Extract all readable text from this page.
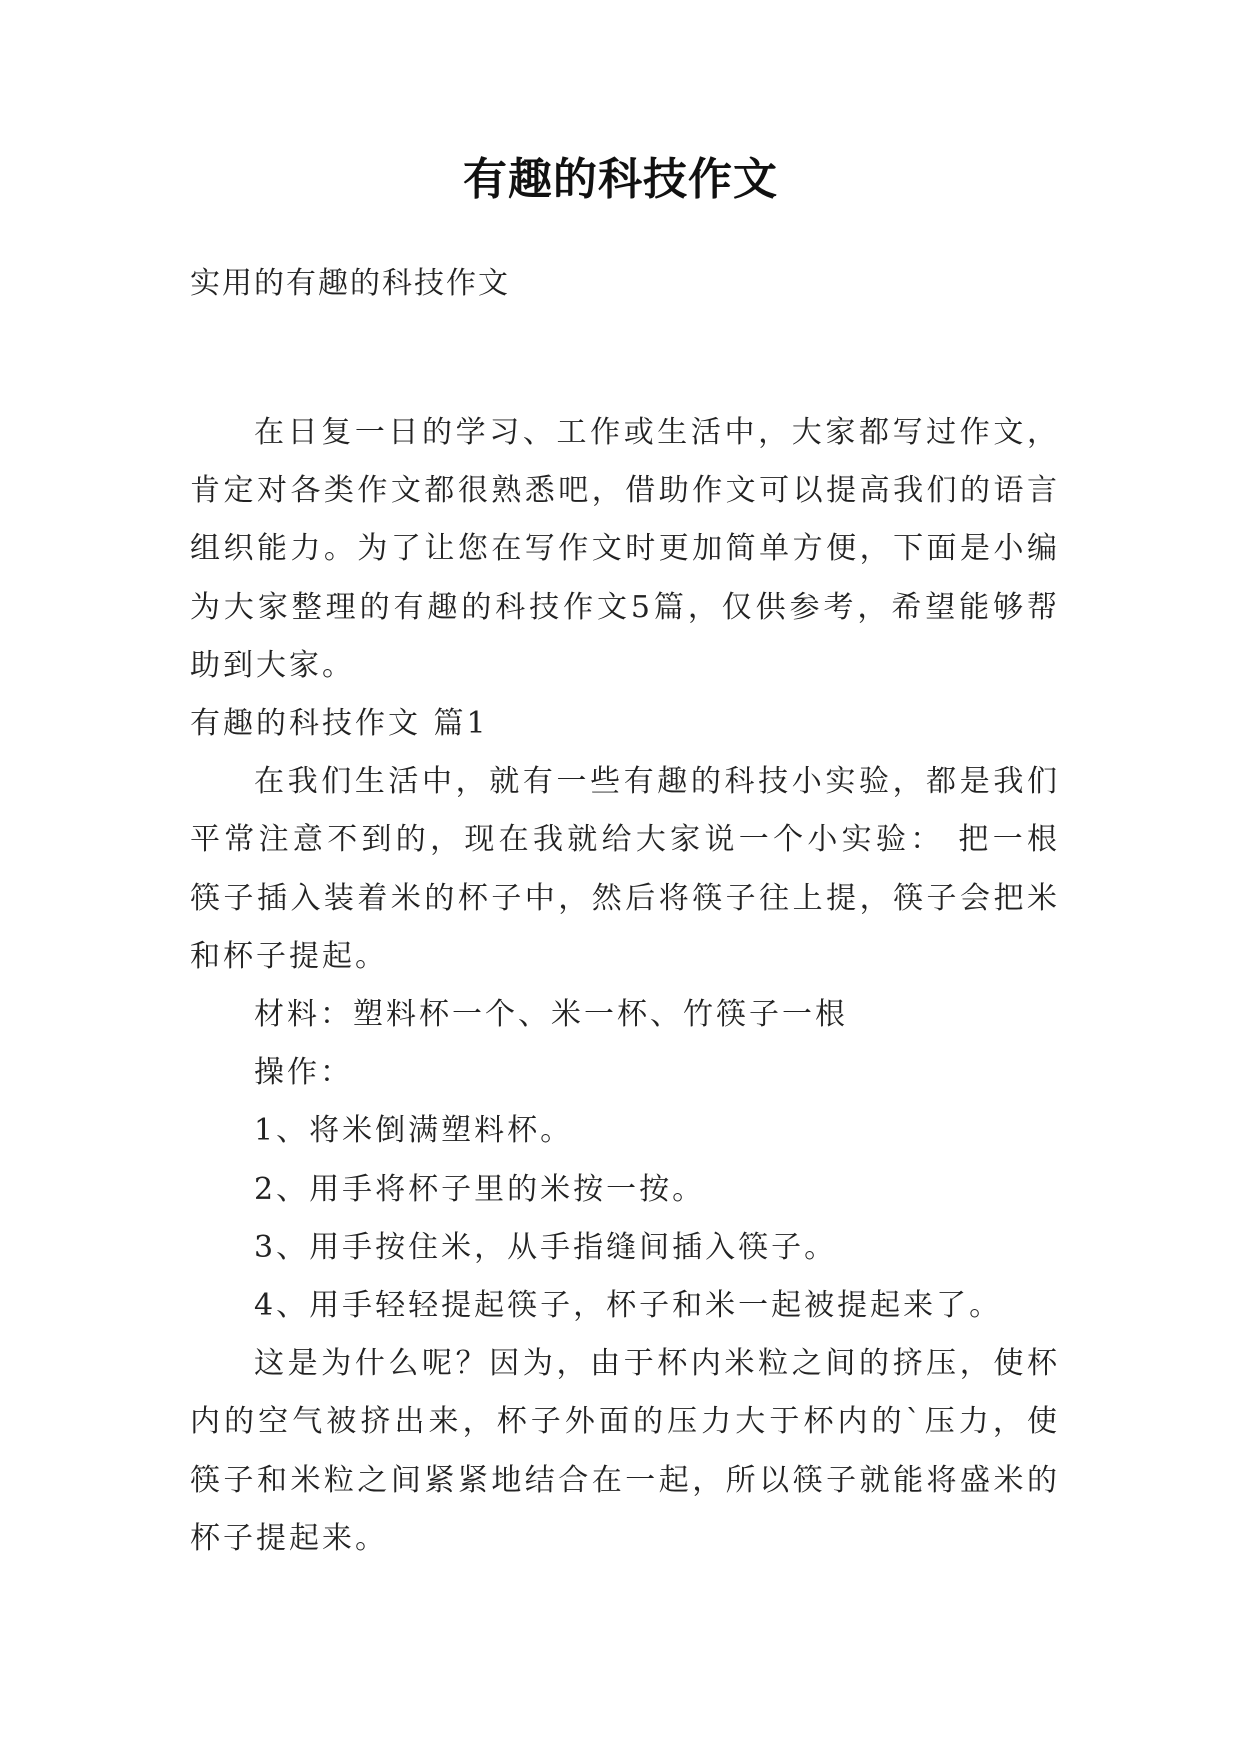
有趣的科技作文
实用的有趣的科技作文

在日复一日的学习、工作或生活中，大家都写过作文，肯定对各类作文都很熟悉吧，借助作文可以提高我们的语言组织能力。为了让您在写作文时更加简单方便，下面是小编为大家整理的有趣的科技作文5篇，仅供参考，希望能够帮助到大家。

有趣的科技作文 篇1

在我们生活中，就有一些有趣的科技小实验，都是我们平常注意不到的，现在我就给大家说一个小实验： 把一根筷子插入装着米的杯子中，然后将筷子往上提，筷子会把米和杯子提起。

材料：塑料杯一个、米一杯、竹筷子一根

操作：

1、将米倒满塑料杯。

2、用手将杯子里的米按一按。

3、用手按住米，从手指缝间插入筷子。

4、用手轻轻提起筷子，杯子和米一起被提起来了。

这是为什么呢？因为，由于杯内米粒之间的挤压，使杯内的空气被挤出来，杯子外面的压力大于杯内的`压力，使筷子和米粒之间紧紧地结合在一起，所以筷子就能将盛米的杯子提起来。
